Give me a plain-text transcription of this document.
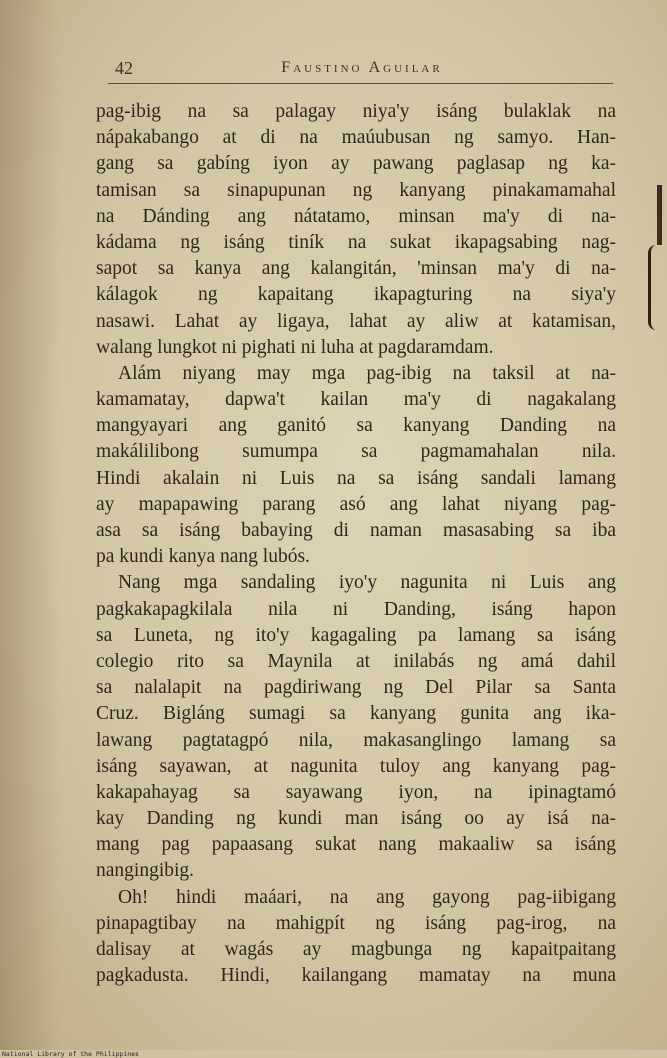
42	Faustino Aguilar
pag-ibig na sa palagay niya'y isáng bulaklak na
nápakabango at di na maúubusan ng samyo. Han-
gang sa gabíng iyon ay pawang paglasap ng ka-
tamisan sa sinapupunan ng kanyang pinakamamahal
na Dánding ang nátatamo, minsan ma'y di na-
kádama ng isáng tiník na sukat ikapagsabing nag-
sapot sa kanya ang kalangitán, 'minsan ma'y di na-
kálagok ng kapaitang ikapagturing na siya'y
nasawi. Lahat ay ligaya, lahat ay aliw at katamisan,
walang lungkot ni pighati ni luha at pagdaramdam.
Alám niyang may mga pag-ibig na taksil at na-
kamamatay, dapwa't kailan ma'y di nagakalang
mangyayari ang ganitó sa kanyang Danding na
makálilibong sumumpa sa pagmamahalan nila.
Hindi akalain ni Luis na sa isáng sandali lamang
ay mapapawing parang asó ang lahat niyang pag-
asa sa isáng babaying di naman masasabing sa iba
pa kundi kanya nang lubós.
Nang mga sandaling iyo'y nagunita ni Luis ang
pagkakapagkilala nila ni Danding, isáng hapon
sa Luneta, ng ito'y kagagaling pa lamang sa isáng
colegio rito sa Maynila at inilabás ng amá dahil
sa nalalapit na pagdiriwang ng Del Pilar sa Santa
Cruz. Bigláng sumagi sa kanyang gunita ang ika-
lawang pagtatagpó nila, makasanglingo lamang sa
isáng sayawan, at nagunita tuloy ang kanyang pag-
kakapahayag sa sayawang iyon, na ipinagtamó
kay Danding ng kundi man isáng oo ay isá na-
mang pag papaasang sukat nang makaaliw sa isáng
nangingibig.
Oh! hindi maáari, na ang gayong pag-iibigang
pinapagtibay na mahigpít ng isáng pag-irog, na
dalisay at wagás ay magbunga ng kapaitpaitang
pagkadusta. Hindi, kailangang mamatay na muna
National Library of the Philippines
